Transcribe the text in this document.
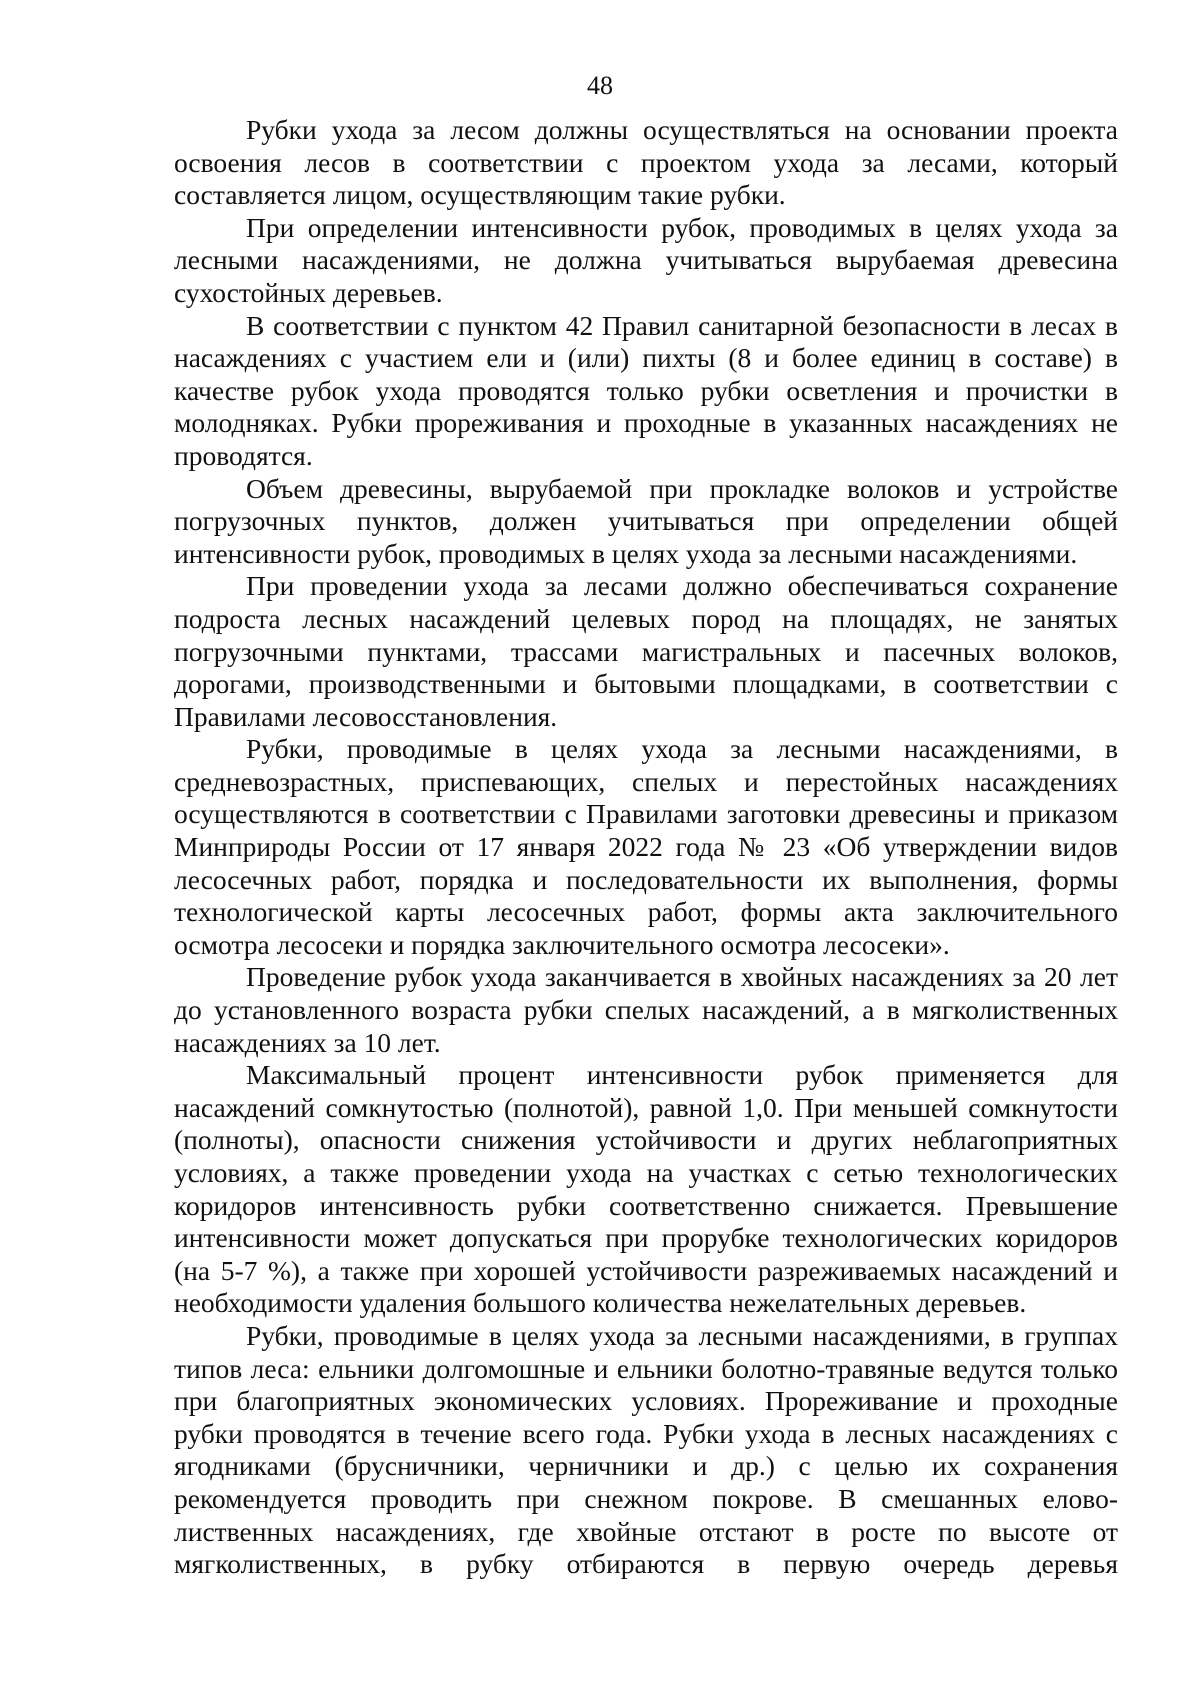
48

Рубки ухода за лесом должны осуществляться на основании проекта освоения лесов в соответствии с проектом ухода за лесами, который составляется лицом, осуществляющим такие рубки.

При определении интенсивности рубок, проводимых в целях ухода за лесными насаждениями, не должна учитываться вырубаемая древесина сухостойных деревьев.

В соответствии с пунктом 42 Правил санитарной безопасности в лесах в насаждениях с участием ели и (или) пихты (8 и более единиц в составе) в качестве рубок ухода проводятся только рубки осветления и прочистки в молодняках. Рубки прореживания и проходные в указанных насаждениях не проводятся.

Объем древесины, вырубаемой при прокладке волоков и устройстве погрузочных пунктов, должен учитываться при определении общей интенсивности рубок, проводимых в целях ухода за лесными насаждениями.

При проведении ухода за лесами должно обеспечиваться сохранение подроста лесных насаждений целевых пород на площадях, не занятых погрузочными пунктами, трассами магистральных и пасечных волоков, дорогами, производственными и бытовыми площадками, в соответствии с Правилами лесовосстановления.

Рубки, проводимые в целях ухода за лесными насаждениями, в средневозрастных, приспевающих, спелых и перестойных насаждениях осуществляются в соответствии с Правилами заготовки древесины и приказом Минприроды России от 17 января 2022 года № 23 «Об утверждении видов лесосечных работ, порядка и последовательности их выполнения, формы технологической карты лесосечных работ, формы акта заключительного осмотра лесосеки и порядка заключительного осмотра лесосеки».

Проведение рубок ухода заканчивается в хвойных насаждениях за 20 лет до установленного возраста рубки спелых насаждений, а в мягколиственных насаждениях за 10 лет.

Максимальный процент интенсивности рубок применяется для насаждений сомкнутостью (полнотой), равной 1,0. При меньшей сомкнутости (полноты), опасности снижения устойчивости и других неблагоприятных условиях, а также проведении ухода на участках с сетью технологических коридоров интенсивность рубки соответственно снижается. Превышение интенсивности может допускаться при прорубке технологических коридоров (на 5-7 %), а также при хорошей устойчивости разреживаемых насаждений и необходимости удаления большого количества нежелательных деревьев.

Рубки, проводимые в целях ухода за лесными насаждениями, в группах типов леса: ельники долгомошные и ельники болотно-травяные ведутся только при благоприятных экономических условиях. Прореживание и проходные рубки проводятся в течение всего года. Рубки ухода в лесных насаждениях с ягодниками (брусничники, черничники и др.) с целью их сохранения рекомендуется проводить при снежном покрове. В смешанных елово-лиственных насаждениях, где хвойные отстают в росте по высоте от мягколиственных, в рубку отбираются в первую очередь деревья
